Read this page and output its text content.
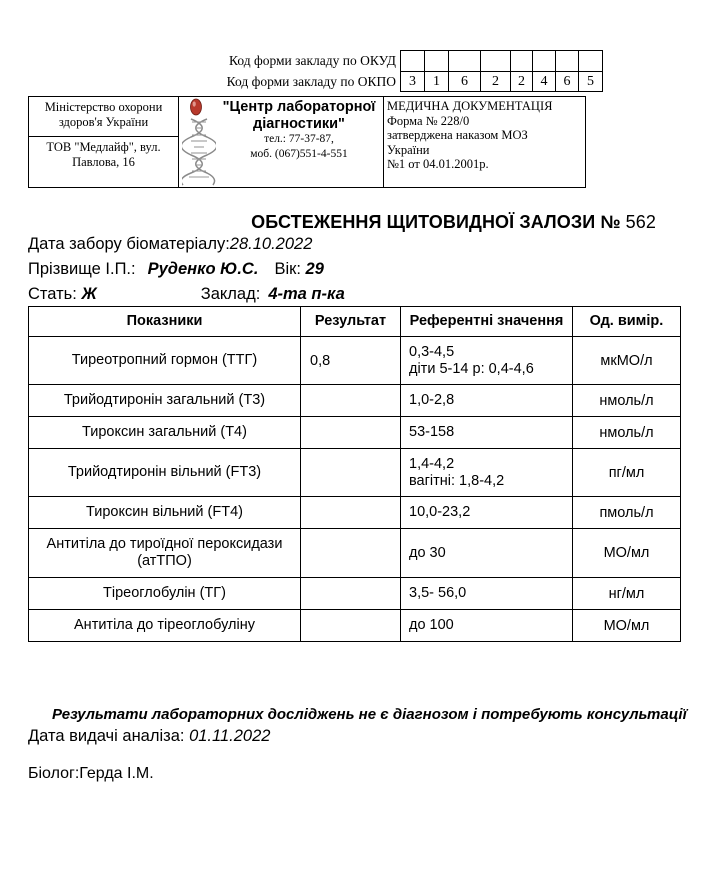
Код форми закладу по ОКУД
Код форми закладу по ОКПО 3	1	6	2	2	4	6	5
Міністерство охорони здоров'я України
ТОВ "Медлайф", вул. Павлова, 16
"Центр лабораторної діагностики"
тел.: 77-37-87,
моб. (067)551-4-551
МЕДИЧНА ДОКУМЕНТАЦІЯ
Форма № 228/0
затверджена наказом МОЗ
України
№1 от 04.01.2001р.
ОБСТЕЖЕННЯ ЩИТОВИДНОЇ ЗАЛОЗИ № 562
Дата забору біоматеріалу:28.10.2022
Прізвище І.П.: Руденко Ю.С. Вік: 29
Стать: Ж	Заклад: 4-та п-ка
Показники	Результат	Референтні значення	Од. вимір.
Тиреотропний гормон (ТТГ)	0,8	0,3-4,5
діти 5-14 р: 0,4-4,6	мкМО/л
Трийодтиронін загальний (Т3)		1,0-2,8	нмоль/л
Тироксин загальний (Т4)		53-158	нмоль/л
Трийодтиронін вільний (FT3)		1,4-4,2
вагітні: 1,8-4,2	пг/мл
Тироксин вільний (FT4)		10,0-23,2	пмоль/л
Антитіла до тироїдної пероксидази (атТПО)		до 30	МО/мл
Тіреоглобулін (ТГ)		3,5- 56,0	нг/мл
Антитіла до тіреоглобуліну		до 100	МО/мл
Результати лабораторних досліджень не є діагнозом і потребують консультації
Дата видачі аналіза: 01.11.2022
Біолог:Герда І.М.
